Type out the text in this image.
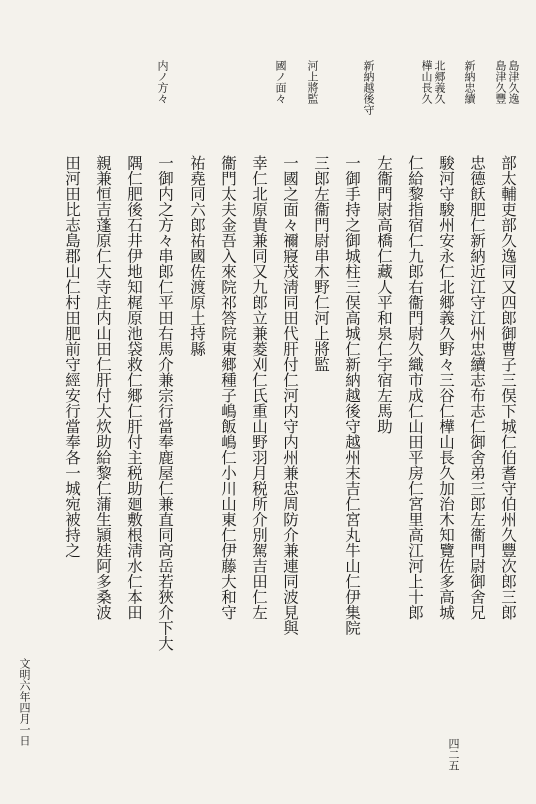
島津久逸
島津久豐
新納忠續
北郷義久
樺山長久
新納越後守
河上將監
國ノ面々
内ノ方々
部太輔吏部久逸同又四郎御曹子三俣下城仁伯耆守伯州久豐次郎三郎
忠德飫肥仁新納近江守江州忠續志布志仁御舍弟三郎左衞門尉御舍兄
駿河守駿州安永仁北郷義久野々三谷仁樺山長久加治木知覽佐多高城
仁給黎指宿仁九郎右衞門尉久織市成仁山田平房仁宮里高江河上十郎
左衞門尉高橋仁藏人平和泉仁宇宿左馬助
一御手持之御城柱三俣高城仁新納越後守越州末吉仁宮丸牛山仁伊集院
三郎左衞門尉串木野仁河上將監
一國之面々禰寢茂淸同田代肝付仁河内守内州兼忠周防介兼連同波見與
幸仁北原貴兼同又九郎立兼菱刈仁氏重山野羽月税所介別駕吉田仁左
衞門太夫金吾入來院祁答院東郷種子嶋飯嶋仁小川山東仁伊藤大和守
祐堯同六郎祐國佐渡原土持縣
一御内之方々串郎仁平田右馬介兼宗行當奉鹿屋仁兼直同高岳若狹介下大
隅仁肥後石井伊地知梶原池袋救仁郷仁肝付主税助廻敷根淸水仁本田
親兼恒吉蓬原仁大寺庄内山田仁肝付大炊助給黎仁蒲生頴娃阿多桑波
田河田比志島郡山仁村田肥前守經安行當奉各一城宛被持之
文明六年四月一日
四二五
